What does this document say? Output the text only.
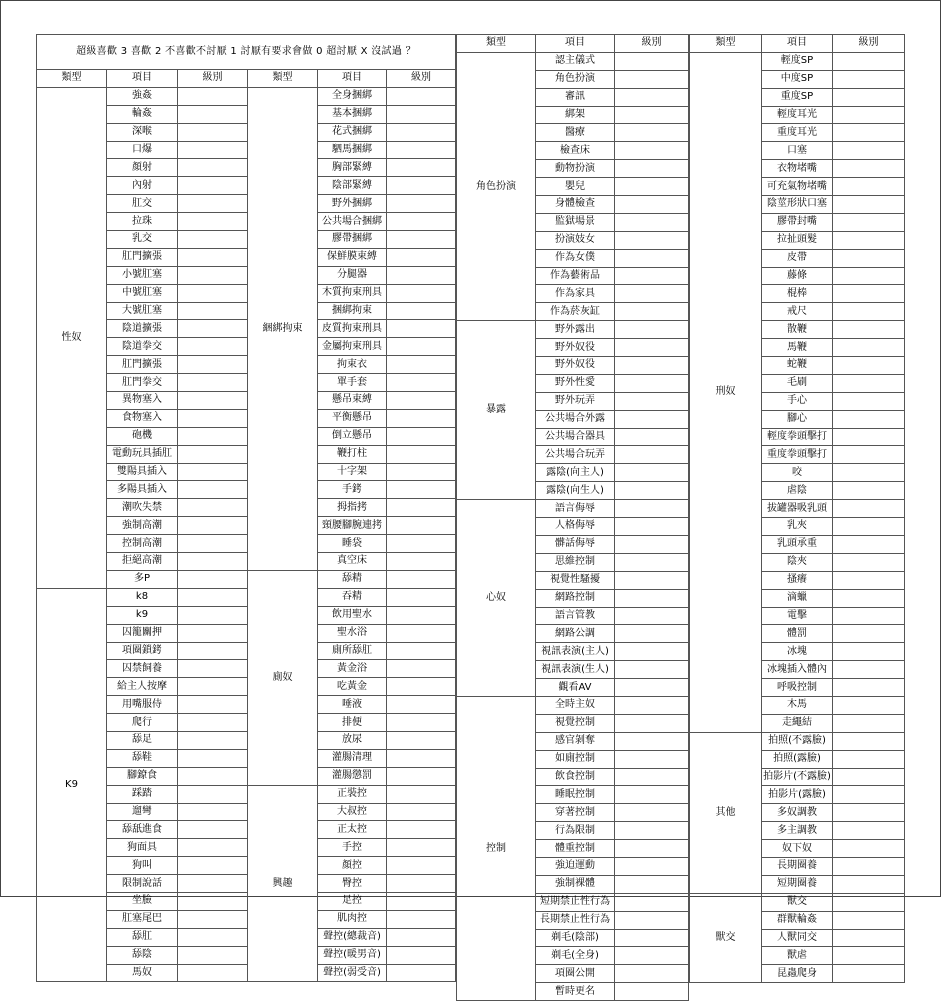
超級喜歡 3 喜歡 2 不喜歡不討厭 1 討厭有要求會做 0 超討厭 X 沒試過 ？					
類型	項目	級別	類型	項目	級別
性奴	強姦		綑綁拘束	全身捆綁	
	輪姦			基本捆綁	
	深喉			花式捆綁	
	口爆			駟馬捆綁	
	顏射			胸部緊縛	
	內射			陰部緊縛	
	肛交			野外捆綁	
	拉珠			公共場合捆綁	
	乳交			膠帶捆綁	
	肛門擴張			保鮮膜束縛	
	小號肛塞			分腿器	
	中號肛塞			木質拘束刑具	
	大號肛塞			捆綁拘束	
	陰道擴張			皮質拘束刑具	
	陰道拳交			金屬拘束刑具	
	肛門擴張			拘束衣	
	肛門拳交			單手套	
	異物塞入			懸吊束縛	
	食物塞入			平衡懸吊	
	砲機			倒立懸吊	
	電動玩具插肛			鞭打柱	
	雙陽具插入			十字架	
	多陽具插入			手銬	
	潮吹失禁			拇指拷	
	強制高潮			頸腰腳腕連拷	
	控制高潮			睡袋	
	拒絕高潮			真空床	
	多P		廁奴	舔精	
K9	k8			吞精	
	k9			飲用聖水	
	囚籠關押			聖水浴	
	項圈鎖銬			廁所舔肛	
	囚禁飼養			黃金浴	
	給主人按摩			吃黃金	
	用嘴服侍			唾液	
	爬行			排便	
	舔足			放尿	
	舔鞋			灌腸清理	
	腳鐐食			灌腸懲罰	
	踩踏		興趣	正裝控	
	遛彎			大叔控	
	舔舐進食			正太控	
	狗面具			手控	
	狗叫			顏控	
	限制說話			臀控	
	坐臉			足控	
	肛塞尾巴			肌肉控	
	舔肛			聲控(總裁音)	
	舔陰			聲控(暖男音)	
	馬奴			聲控(弱受音)	
類型	項目	級別
角色扮演	認主儀式	
	角色扮演	
	審訊	
	綁架	
	醫療	
	檢查床	
	動物扮演	
	嬰兒	
	身體檢查	
	監獄場景	
	扮演妓女	
	作為女僕	
	作為藝術品	
	作為家具	
	作為菸灰缸	
暴露	野外露出	
	野外奴役	
	野外奴役	
	野外性愛	
	野外玩弄	
	公共場合外露	
	公共場合器具	
	公共場合玩弄	
	露陰(向主人)	
	露陰(向生人)	
心奴	語言侮辱	
	人格侮辱	
	髒話侮辱	
	思維控制	
	視覺性騷擾	
	網路控制	
	語言管教	
	網路公調	
	視訊表演(主人)	
	視訊表演(生人)	
	觀看AV	
控制	全時主奴	
	視覺控制	
	感官剝奪	
	如廁控制	
	飲食控制	
	睡眠控制	
	穿著控制	
	行為限制	
	體重控制	
	強迫運動	
	強制裸體	
	短期禁止性行為	
	長期禁止性行為	
	剃毛(陰部)	
	剃毛(全身)	
	項圈公開	
	暫時更名	
類型	項目	級別
刑奴	輕度SP	
	中度SP	
	重度SP	
	輕度耳光	
	重度耳光	
	口塞	
	衣物堵嘴	
	可充氣物堵嘴	
	陰莖形狀口塞	
	膠帶封嘴	
	拉扯頭髮	
	皮帶	
	藤條	
	棍棒	
	戒尺	
	散鞭	
	馬鞭	
	蛇鞭	
	毛刷	
	手心	
	腳心	
	輕度拳頭擊打	
	重度拳頭擊打	
	咬	
	虐陰	
	拔罐器吸乳頭	
	乳夾	
	乳頭承重	
	陰夾	
	搔癢	
	滴蠟	
	電擊	
	體罰	
	冰塊	
	冰塊插入體內	
	呼吸控制	
	木馬	
	走繩結	
其他	拍照(不露臉)	
	拍照(露臉)	
	拍影片(不露臉)	
	拍影片(露臉)	
	多奴調教	
	多主調教	
	奴下奴	
	長期圈養	
	短期圈養	
獸交	獸交	
	群獸輪姦	
	人獸同交	
	獸虐	
	昆蟲爬身	
